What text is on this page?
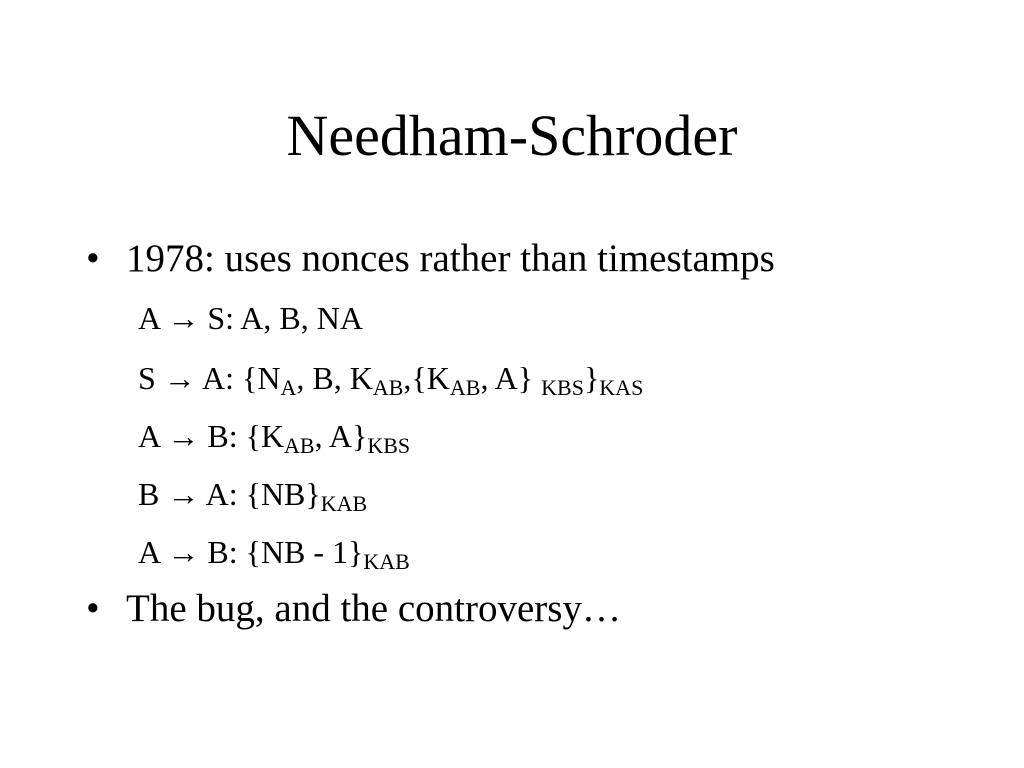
Needham-Schroder
• 1978: uses nonces rather than timestamps
A → S: A, B, NA
S → A: {$N_A$, B, $K_{AB},\{K_{AB}$, A} $_{KBS}\}_{KAS}$
A → B: {$K_{AB}$, $A\}_{KBS}$
B → A: $\{NB\}_{KAB}$
A → B: $\{NB - 1\}_{KAB}$
• The bug, and the controversy…
